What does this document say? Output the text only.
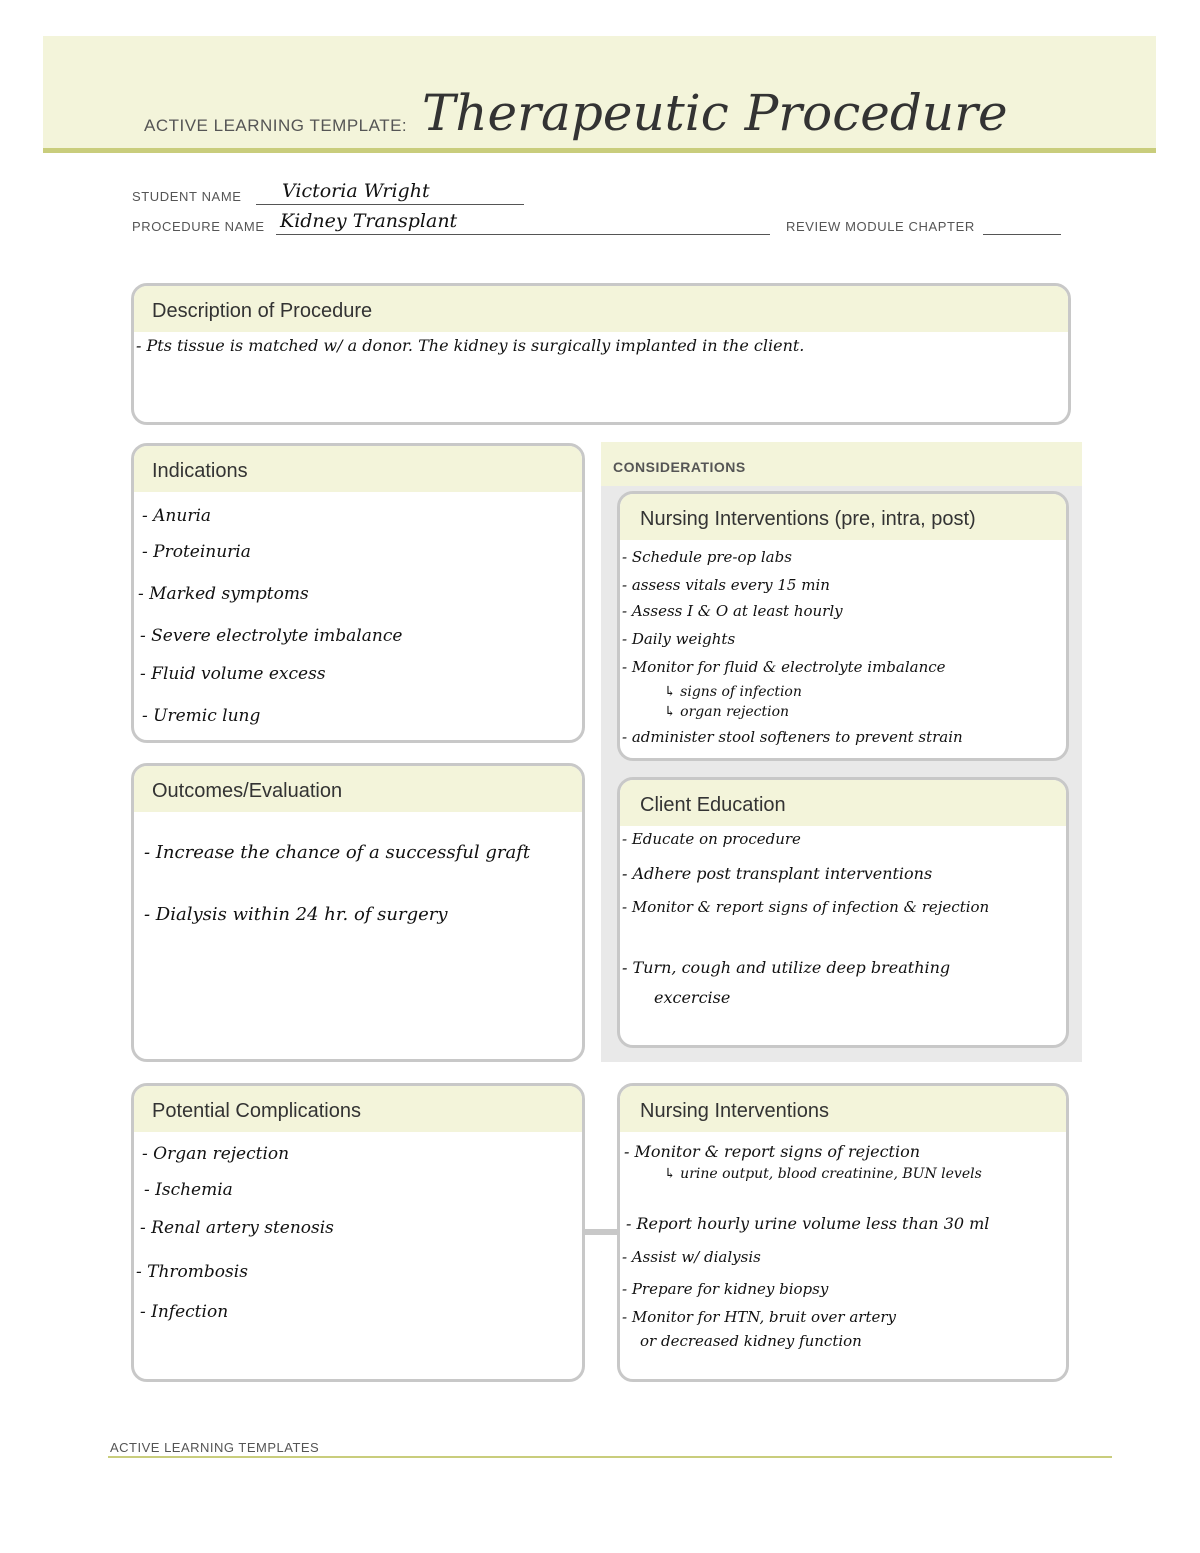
ACTIVE LEARNING TEMPLATE: Therapeutic Procedure
STUDENT NAME Victoria Wright
PROCEDURE NAME Kidney Transplant	REVIEW MODULE CHAPTER
Description of Procedure
- Pts tissue is matched w/ a donor. The kidney is surgically implanted in the client.
Indications
- Anuria
- Proteinuria
- Marked symptoms
- Severe electrolyte imbalance
- Fluid volume excess
- Uremic lung
Outcomes/Evaluation
- Increase the chance of a successful graft
- Dialysis within 24 hr. of surgery
CONSIDERATIONS
Nursing Interventions (pre, intra, post)
- Schedule pre-op labs
- assess vitals every 15 min
- Assess I & O at least hourly
- Daily weights
- Monitor for fluid & electrolyte imbalance
↳ signs of infection
↳ organ rejection
- administer stool softeners to prevent strain
Client Education
- Educate on procedure
- Adhere post transplant interventions
- Monitor & report signs of infection & rejection
- Turn, cough and utilize deep breathing
excercise
Potential Complications
- Organ rejection
- Ischemia
- Renal artery stenosis
- Thrombosis
- Infection
Nursing Interventions
- Monitor & report signs of rejection
↳ urine output, blood creatinine, BUN levels
- Report hourly urine volume less than 30 ml
- Assist w/ dialysis
- Prepare for kidney biopsy
- Monitor for HTN, bruit over artery
or decreased kidney function
ACTIVE LEARNING TEMPLATES
